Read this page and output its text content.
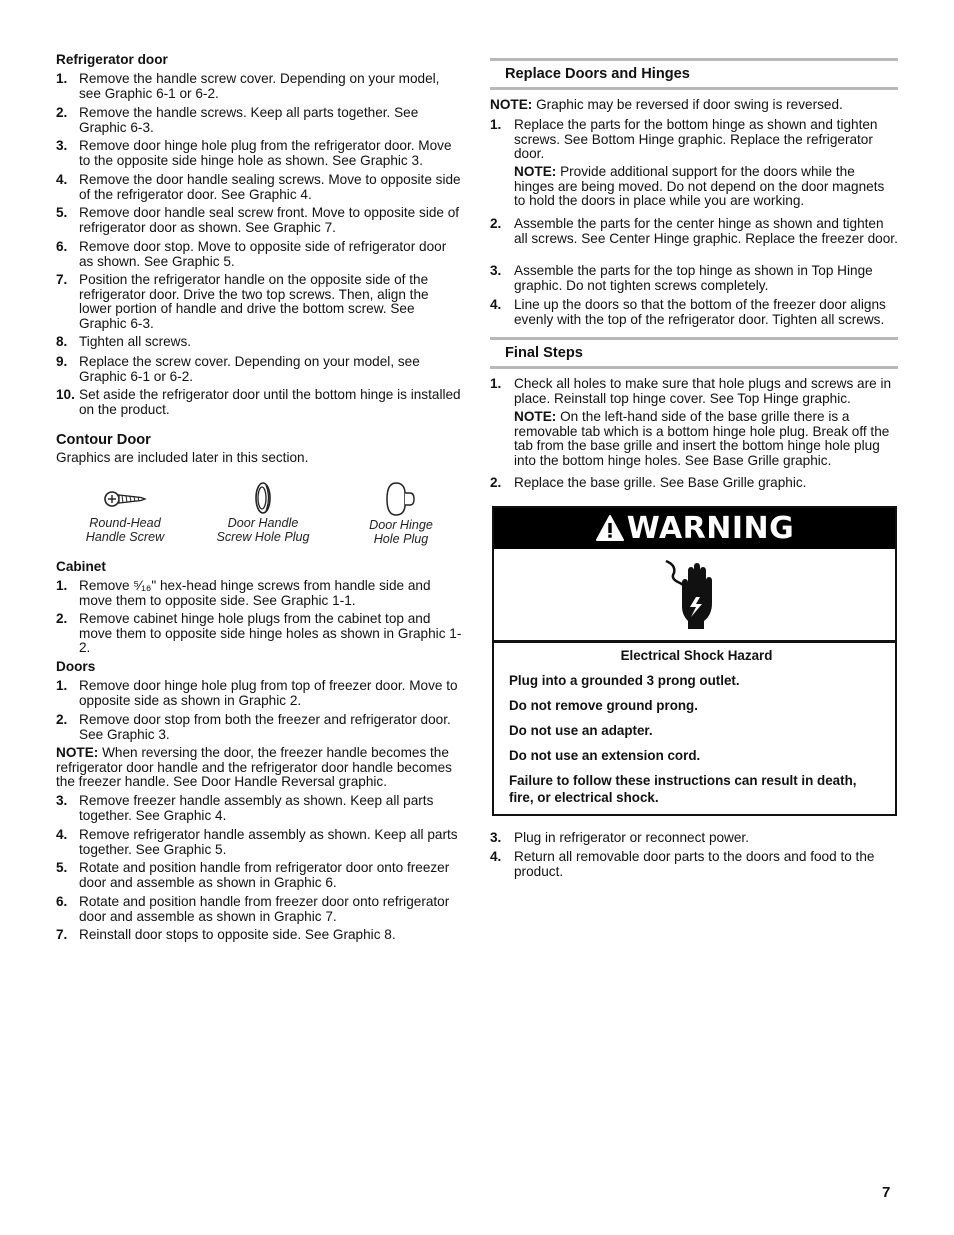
Refrigerator door
1. Remove the handle screw cover. Depending on your model, see Graphic 6-1 or 6-2.
2. Remove the handle screws. Keep all parts together. See Graphic 6-3.
3. Remove door hinge hole plug from the refrigerator door. Move to the opposite side hinge hole as shown. See Graphic 3.
4. Remove the door handle sealing screws. Move to opposite side of the refrigerator door. See Graphic 4.
5. Remove door handle seal screw front. Move to opposite side of refrigerator door as shown. See Graphic 7.
6. Remove door stop. Move to opposite side of refrigerator door as shown. See Graphic 5.
7. Position the refrigerator handle on the opposite side of the refrigerator door. Drive the two top screws. Then, align the lower portion of handle and drive the bottom screw. See Graphic 6-3.
8. Tighten all screws.
9. Replace the screw cover. Depending on your model, see Graphic 6-1 or 6-2.
10. Set aside the refrigerator door until the bottom hinge is installed on the product.
Contour Door
Graphics are included later in this section.
Round-Head
Handle Screw
Door Handle
Screw Hole Plug
Door Hinge
Hole Plug
Cabinet
1. Remove ⁵⁄₁₆" hex-head hinge screws from handle side and move them to opposite side. See Graphic 1-1.
2. Remove cabinet hinge hole plugs from the cabinet top and move them to opposite side hinge holes as shown in Graphic 1-2.
Doors
1. Remove door hinge hole plug from top of freezer door. Move to opposite side as shown in Graphic 2.
2. Remove door stop from both the freezer and refrigerator door. See Graphic 3.
NOTE: When reversing the door, the freezer handle becomes the refrigerator door handle and the refrigerator door handle becomes the freezer handle. See Door Handle Reversal graphic.
3. Remove freezer handle assembly as shown. Keep all parts together. See Graphic 4.
4. Remove refrigerator handle assembly as shown. Keep all parts together. See Graphic 5.
5. Rotate and position handle from refrigerator door onto freezer door and assemble as shown in Graphic 6.
6. Rotate and position handle from freezer door onto refrigerator door and assemble as shown in Graphic 7.
7. Reinstall door stops to opposite side. See Graphic 8.
Replace Doors and Hinges
NOTE: Graphic may be reversed if door swing is reversed.
1. Replace the parts for the bottom hinge as shown and tighten screws. See Bottom Hinge graphic. Replace the refrigerator door.
NOTE: Provide additional support for the doors while the hinges are being moved. Do not depend on the door magnets to hold the doors in place while you are working.
2. Assemble the parts for the center hinge as shown and tighten all screws. See Center Hinge graphic. Replace the freezer door.
3. Assemble the parts for the top hinge as shown in Top Hinge graphic. Do not tighten screws completely.
4. Line up the doors so that the bottom of the freezer door aligns evenly with the top of the refrigerator door. Tighten all screws.
Final Steps
1. Check all holes to make sure that hole plugs and screws are in place. Reinstall top hinge cover. See Top Hinge graphic.
NOTE: On the left-hand side of the base grille there is a removable tab which is a bottom hinge hole plug. Break off the tab from the base grille and insert the bottom hinge hole plug into the bottom hinge holes. See Base Grille graphic.
2. Replace the base grille. See Base Grille graphic.
3. Plug in refrigerator or reconnect power.
4. Return all removable door parts to the doors and food to the product.
WARNING
Electrical Shock Hazard
Plug into a grounded 3 prong outlet.
Do not remove ground prong.
Do not use an adapter.
Do not use an extension cord.
Failure to follow these instructions can result in death, fire, or electrical shock.
7
